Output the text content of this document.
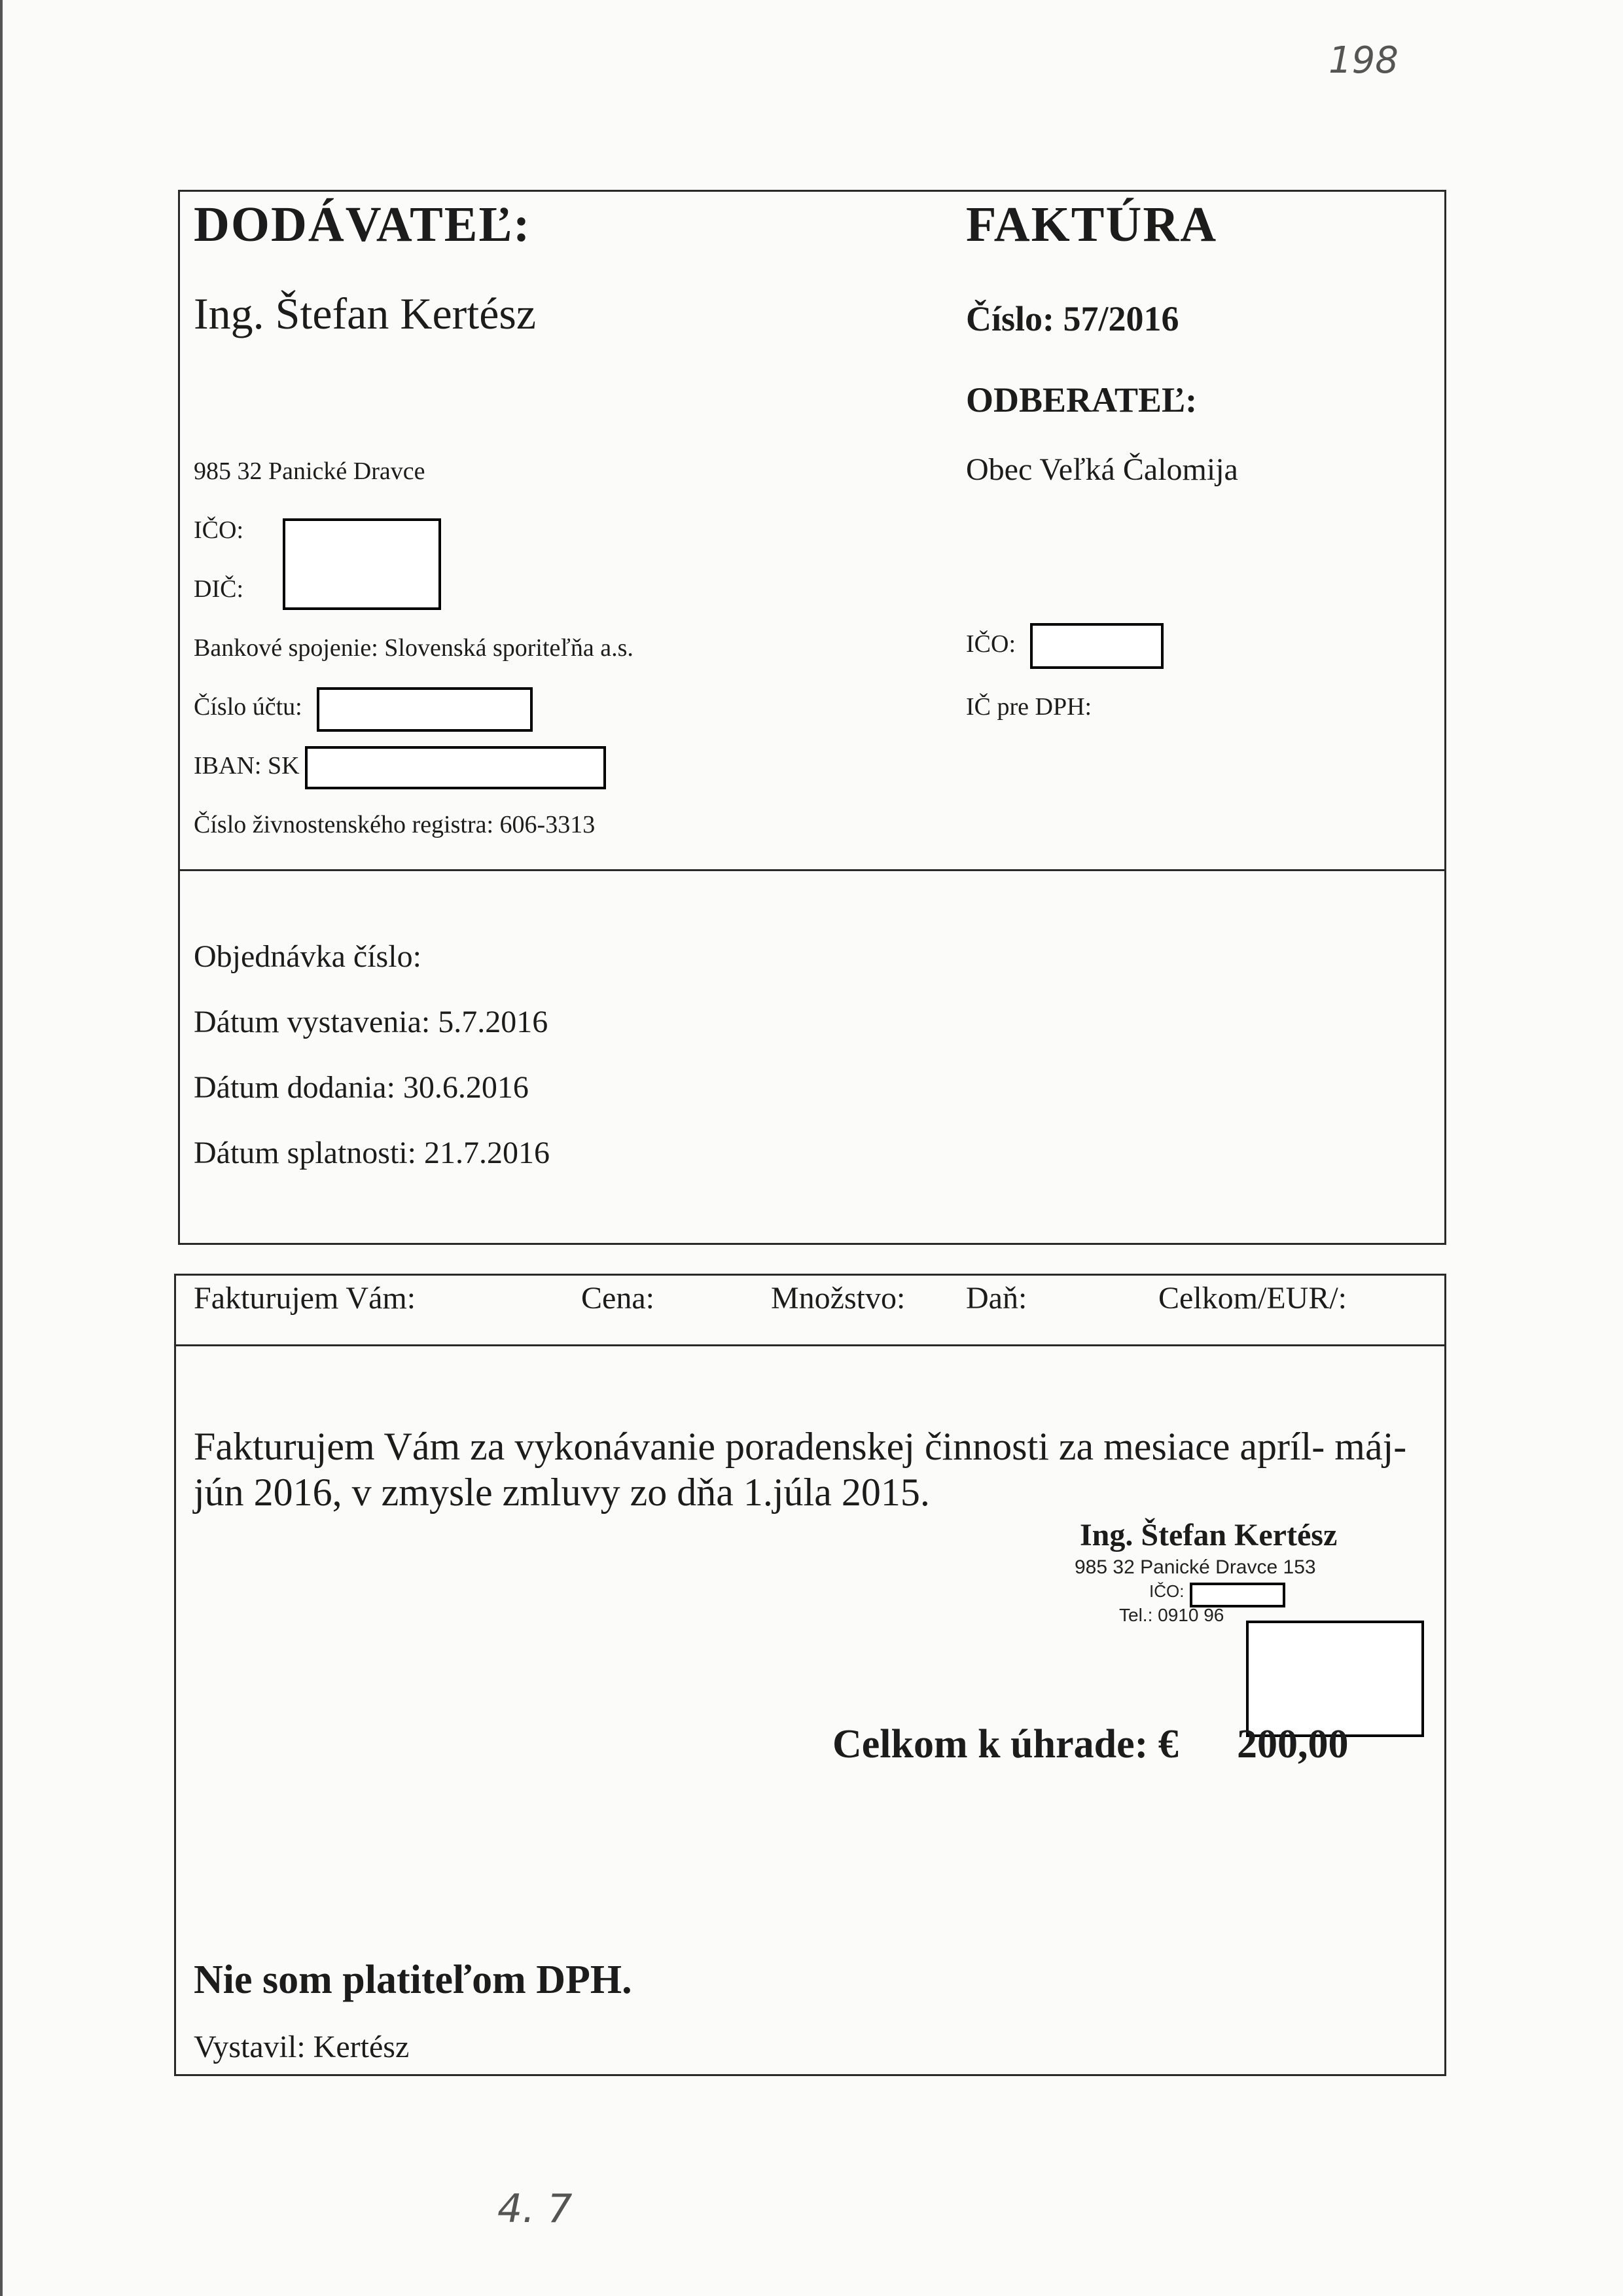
198
4. 7
DODÁVATEĽ:
Ing. Štefan Kertész
985 32 Panické Dravce
IČO:
DIČ:
Bankové spojenie: Slovenská sporiteľňa a.s.
Číslo účtu:
IBAN: SK
Číslo živnostenského registra: 606-3313
FAKTÚRA
Číslo: 57/2016
ODBERATEĽ:
Obec Veľká Čalomija
IČO:
IČ pre DPH:
Objednávka číslo:
Dátum vystavenia: 5.7.2016
Dátum dodania: 30.6.2016
Dátum splatnosti: 21.7.2016
Fakturujem Vám:	Cena:	Množstvo: Daň:	Celkom/EUR/:
Fakturujem Vám za vykonávanie poradenskej činnosti za mesiace apríl- máj-
jún 2016, v zmysle zmluvy zo dňa 1.júla 2015.
Ing. Štefan Kertész
985 32 Panické Dravce 153
IČO:
Tel.: 0910 96
Celkom k úhrade: € 200,00
Nie som platiteľom DPH.
Vystavil: Kertész
